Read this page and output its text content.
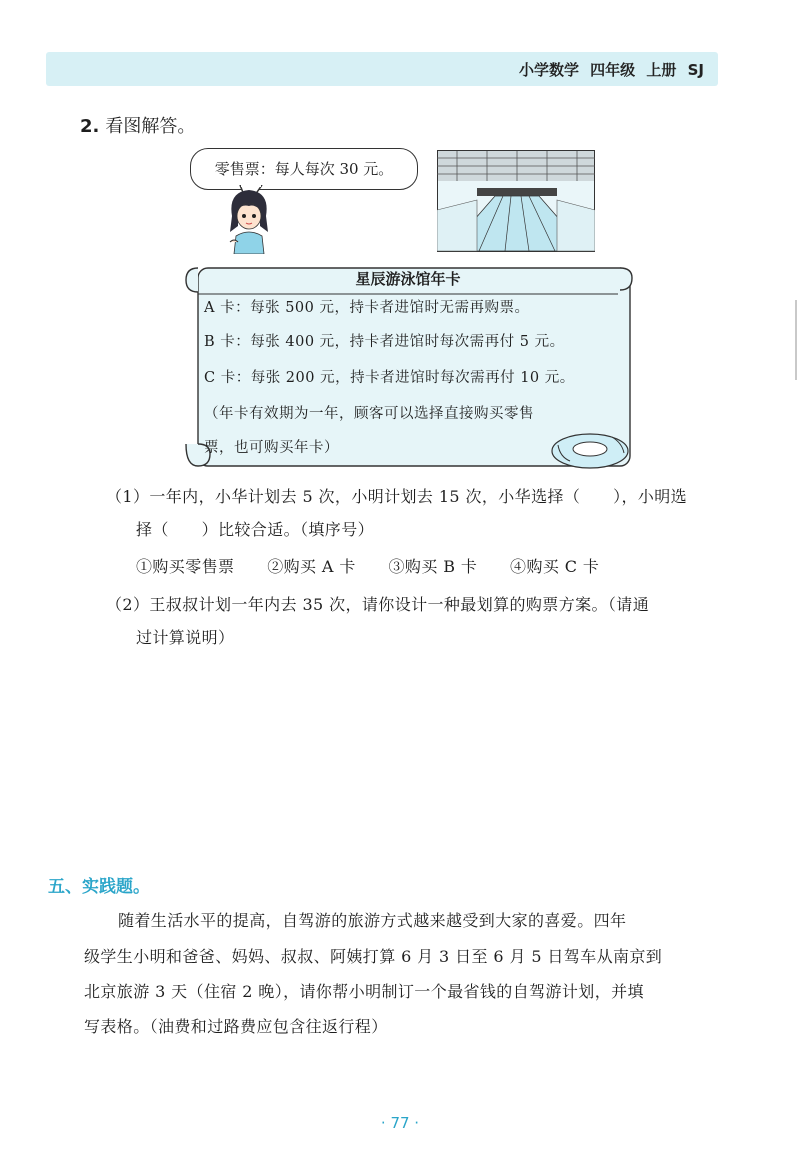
小学数学 四年级 上册 SJ
2. 看图解答。
零售票：每人每次 30 元。
星辰游泳馆年卡
A 卡：每张 500 元，持卡者进馆时无需再购票。
B 卡：每张 400 元，持卡者进馆时每次需再付 5 元。
C 卡：每张 200 元，持卡者进馆时每次需再付 10 元。
（年卡有效期为一年，顾客可以选择直接购买零售
票，也可购买年卡）
（1）一年内，小华计划去 5 次，小明计划去 15 次，小华选择（　　），小明选
择（　　）比较合适。（填序号）
①购买零售票　　②购买 A 卡　　③购买 B 卡　　④购买 C 卡
（2）王叔叔计划一年内去 35 次，请你设计一种最划算的购票方案。（请通
过计算说明）
五、实践题。
随着生活水平的提高，自驾游的旅游方式越来越受到大家的喜爱。四年
级学生小明和爸爸、妈妈、叔叔、阿姨打算 6 月 3 日至 6 月 5 日驾车从南京到
北京旅游 3 天（住宿 2 晚），请你帮小明制订一个最省钱的自驾游计划，并填
写表格。（油费和过路费应包含往返行程）
· 77 ·
